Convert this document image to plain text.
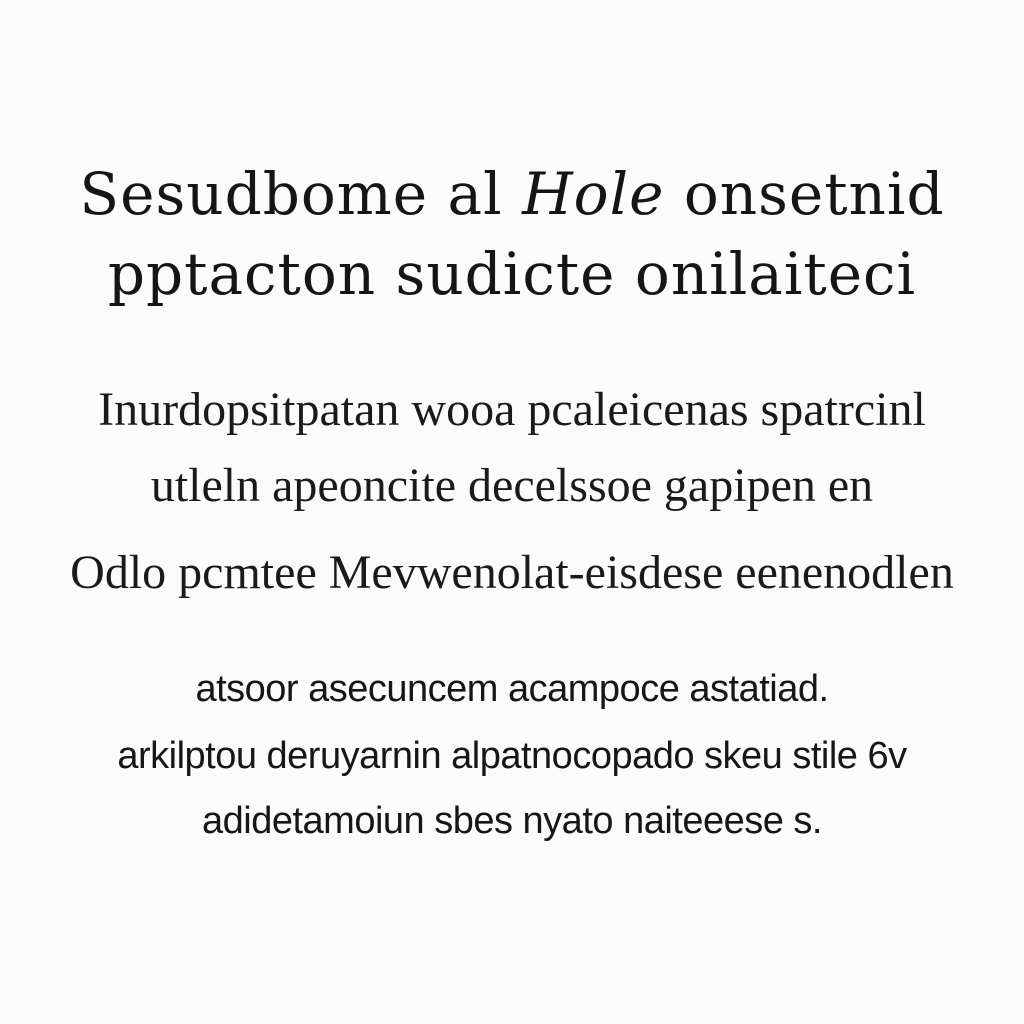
Sesudbome al Hole onsetnid
pptacton sudicte onilaiteci

Inurdopsitpatan wooa pcaleicenas spatrcinl

utleln apeoncite decelssoe gapipen en

Odlo pcmtee Mevwenolat-eisdese eenenodlen

atsoor asecuncem acampoce astatiad.

arkilptou deruyarnin alpatnocopado skeu stile 6v

adidetamoiun sbes nyato naiteeese s.
